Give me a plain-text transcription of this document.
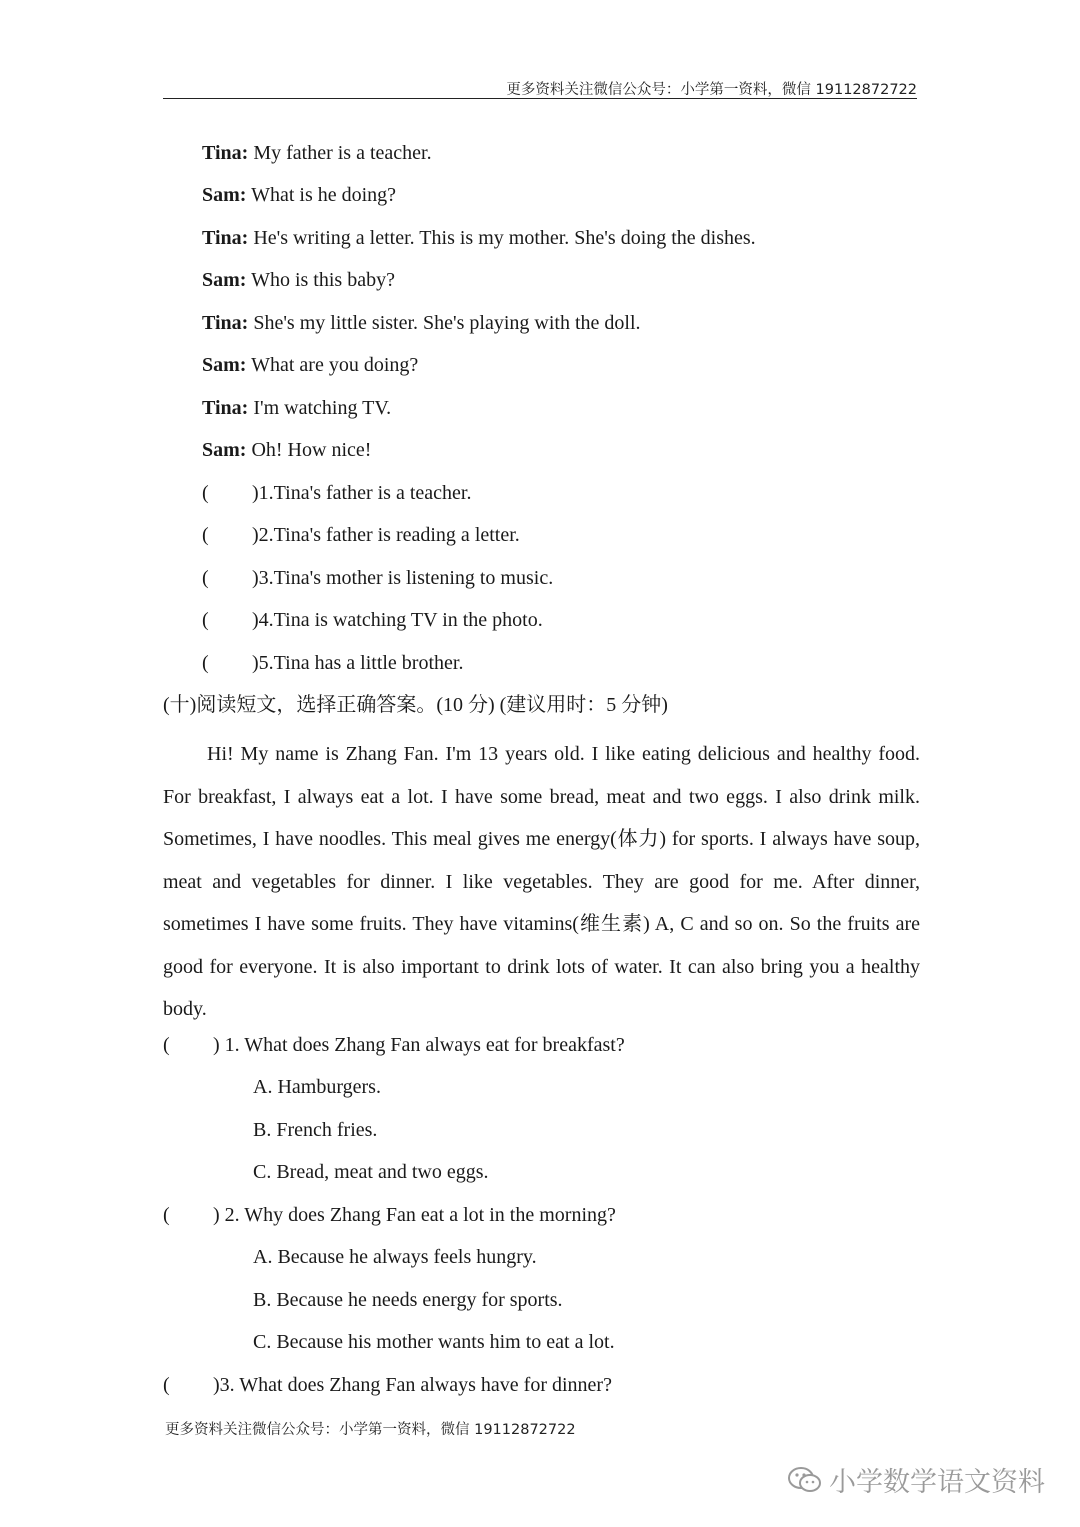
更多资料关注微信公众号：小学第一资料，微信 19112872722
Tina: My father is a teacher.
Sam: What is he doing?
Tina: He's writing a letter. This is my mother. She's doing the dishes.
Sam: Who is this baby?
Tina: She's my little sister. She's playing with the doll.
Sam: What are you doing?
Tina: I'm watching TV.
Sam: Oh! How nice!
( )1.Tina's father is a teacher.
( )2.Tina's father is reading a letter.
( )3.Tina's mother is listening to music.
( )4.Tina is watching TV in the photo.
( )5.Tina has a little brother.
(十)阅读短文，选择正确答案。(10 分) (建议用时：5 分钟)
Hi! My name is Zhang Fan. I'm 13 years old. I like eating delicious and healthy food. For breakfast, I always eat a lot. I have some bread, meat and two eggs. I also drink milk. Sometimes, I have noodles. This meal gives me energy(体力) for sports. I always have soup, meat and vegetables for dinner. I like vegetables. They are good for me. After dinner, sometimes I have some fruits. They have vitamins(维生素) A, C and so on. So the fruits are good for everyone. It is also important to drink lots of water. It can also bring you a healthy body.
( ) 1. What does Zhang Fan always eat for breakfast?
A. Hamburgers.
B. French fries.
C. Bread, meat and two eggs.
( ) 2. Why does Zhang Fan eat a lot in the morning?
A. Because he always feels hungry.
B. Because he needs energy for sports.
C. Because his mother wants him to eat a lot.
( )3. What does Zhang Fan always have for dinner?
更多资料关注微信公众号：小学第一资料，微信 19112872722
小学数学语文资料
